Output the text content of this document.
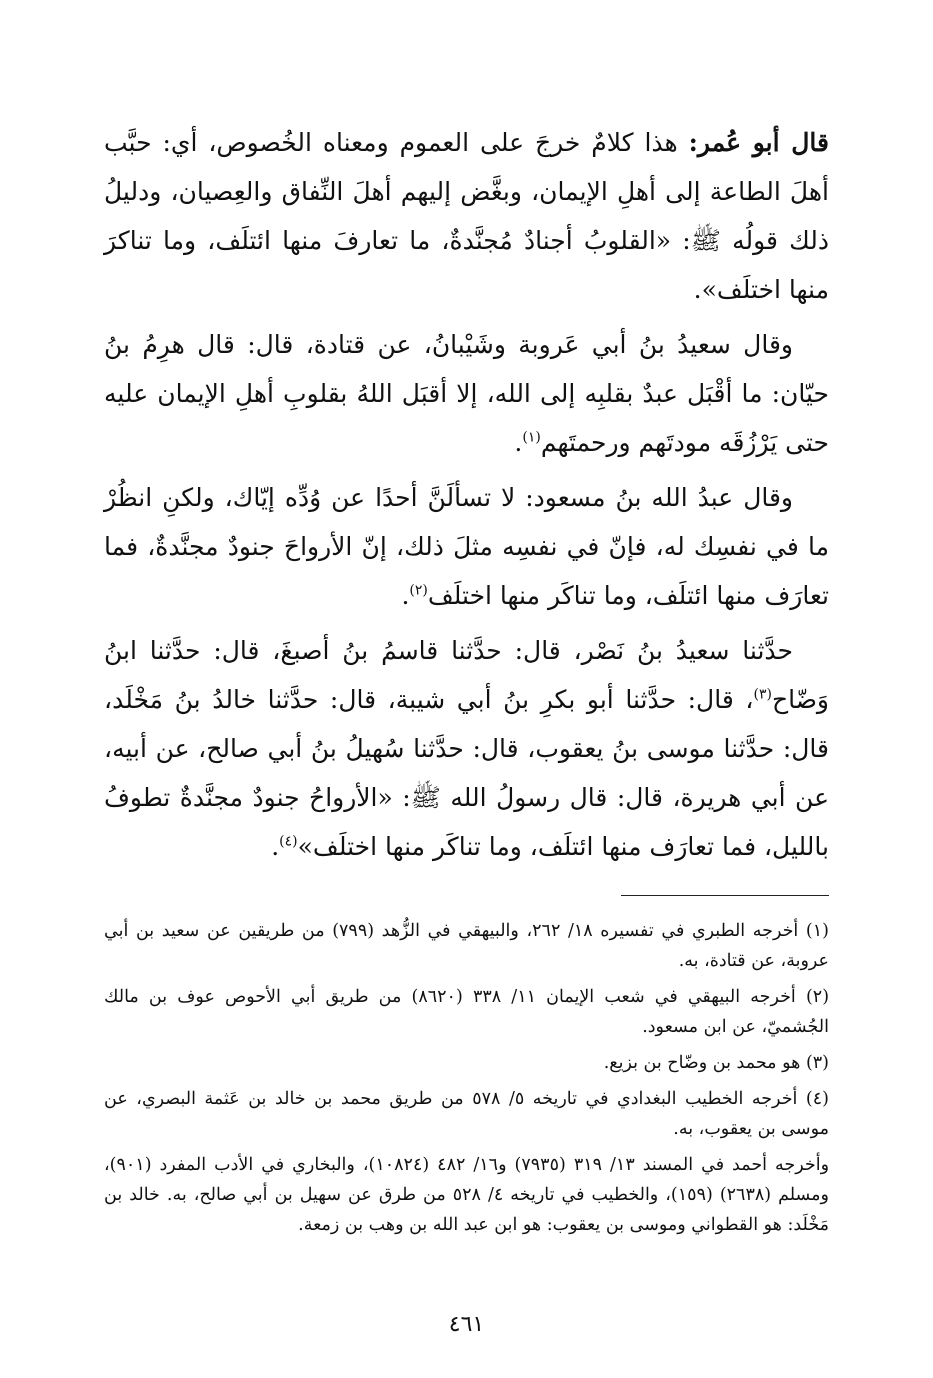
قال أبو عُمر: هذا كلامٌ خرجَ على العموم ومعناه الخُصوص، أي: حبَّب أهلَ الطاعة إلى أهلِ الإيمان، وبغَّض إليهم أهلَ النِّفاق والعِصيان، ودليلُ ذلك قولُه ﷺ: «القلوبُ أجنادٌ مُجنَّدةٌ، ما تعارفَ منها ائتلَف، وما تناكرَ منها اختلَف».

وقال سعيدُ بنُ أبي عَروبة وشَيْبانُ، عن قتادة، قال: قال هرِمُ بنُ حيّان: ما أقْبَل عبدٌ بقلبِه إلى الله، إلا أقبَل اللهُ بقلوبِ أهلِ الإيمان عليه حتى يَرْزُقَه مودتَهم ورحمتَهم$^{(١)}$.

وقال عبدُ الله بنُ مسعود: لا تسألَنَّ أحدًا عن وُدِّه إيّاك، ولكنِ انظُرْ ما في نفسِك له، فإنّ في نفسِه مثلَ ذلك، إنّ الأرواحَ جنودٌ مجنَّدةٌ، فما تعارَف منها ائتلَف، وما تناكَر منها اختلَف$^{(٢)}$.

حدَّثنا سعيدُ بنُ نَصْر، قال: حدَّثنا قاسمُ بنُ أصبغَ، قال: حدَّثنا ابنُ وَضّاح$^{(٣)}$، قال: حدَّثنا أبو بكرِ بنُ أبي شيبة، قال: حدَّثنا خالدُ بنُ مَخْلَد، قال: حدَّثنا موسى بنُ يعقوب، قال: حدَّثنا سُهيلُ بنُ أبي صالح، عن أبيه، عن أبي هريرة، قال: قال رسولُ الله ﷺ: «الأرواحُ جنودٌ مجنَّدةٌ تطوفُ بالليل، فما تعارَف منها ائتلَف، وما تناكَر منها اختلَف»$^{(٤)}$.

(١) أخرجه الطبري في تفسيره ١٨/ ٢٦٢، والبيهقي في الزُّهد (٧٩٩) من طريقين عن سعيد بن أبي عروبة، عن قتادة، به.

(٢) أخرجه البيهقي في شعب الإيمان ١١/ ٣٣٨ (٨٦٢٠) من طريق أبي الأحوص عوف بن مالك الجُشميّ، عن ابن مسعود.

(٣) هو محمد بن وضّاح بن بزيع.

(٤) أخرجه الخطيب البغدادي في تاريخه ٥/ ٥٧٨ من طريق محمد بن خالد بن عَثمة البصري، عن موسى بن يعقوب، به.

وأخرجه أحمد في المسند ١٣/ ٣١٩ (٧٩٣٥) و١٦/ ٤٨٢ (١٠٨٢٤)، والبخاري في الأدب المفرد (٩٠١)، ومسلم (٢٦٣٨) (١٥٩)، والخطيب في تاريخه ٤/ ٥٢٨ من طرق عن سهيل بن أبي صالح، به. خالد بن مَخْلَد: هو القطواني وموسى بن يعقوب: هو ابن عبد الله بن وهب بن زمعة.

٤٦١
